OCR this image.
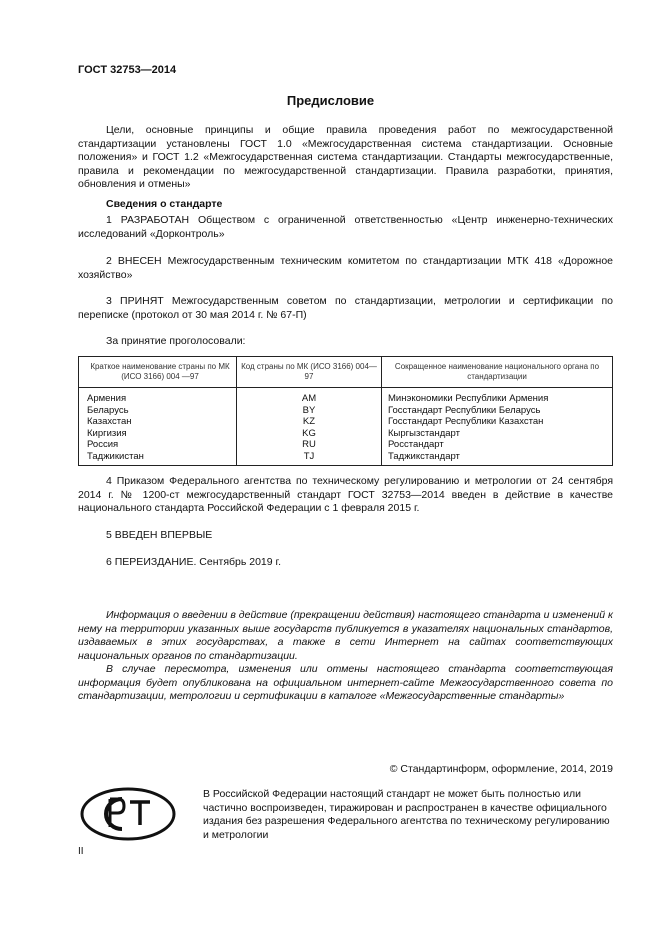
ГОСТ 32753—2014
Предисловие

Цели, основные принципы и общие правила проведения работ по межгосударственной стандартизации установлены ГОСТ 1.0 «Межгосударственная система стандартизации. Основные положения» и ГОСТ 1.2 «Межгосударственная система стандартизации. Стандарты межгосударственные, правила и рекомендации по межгосударственной стандартизации. Правила разработки, принятия, обновления и отмены»

Сведения о стандарте

1 РАЗРАБОТАН Обществом с ограниченной ответственностью «Центр инженерно-технических исследований «Дорконтроль»

2 ВНЕСЕН Межгосударственным техническим комитетом по стандартизации МТК 418 «Дорожное хозяйство»

3 ПРИНЯТ Межгосударственным советом по стандартизации, метрологии и сертификации по переписке (протокол от 30 мая 2014 г. № 67-П)

За принятие проголосовали:
Краткое наименование страны по МК (ИСО 3166) 004 —97	Код страны по МК (ИСО 3166) 004— 97	Сокращенное наименование национального органа по стандартизации
Армения	AM	Минэкономики Республики Армения
Беларусь	BY	Госстандарт Республики Беларусь
Казахстан	KZ	Госстандарт Республики Казахстан
Киргизия	KG	Кыргызстандарт
Россия	RU	Росстандарт
Таджикистан	TJ	Таджикстандарт

4 Приказом Федерального агентства по техническому регулированию и метрологии от 24 сентября 2014 г. № 1200-ст межгосударственный стандарт ГОСТ 32753—2014 введен в действие в качестве национального стандарта Российской Федерации с 1 февраля 2015 г.

5 ВВЕДЕН ВПЕРВЫЕ

6 ПЕРЕИЗДАНИЕ. Сентябрь 2019 г.

Информация о введении в действие (прекращении действия) настоящего стандарта и изменений к нему на территории указанных выше государств публикуется в указателях национальных стандартов, издаваемых в этих государствах, а также в сети Интернет на сайтах соответствующих национальных органов по стандартизации.

В случае пересмотра, изменения или отмены настоящего стандарта соответствующая информация будет опубликована на официальном интернет-сайте Межгосударственного совета по стандартизации, метрологии и сертификации в каталоге «Межгосударственные стандарты»

© Стандартинформ, оформление, 2014, 2019

В Российской Федерации настоящий стандарт не может быть полностью или частично воспроизведен, тиражирован и распространен в качестве официального издания без разрешения Федерального агентства по техническому регулированию и метрологии

II
